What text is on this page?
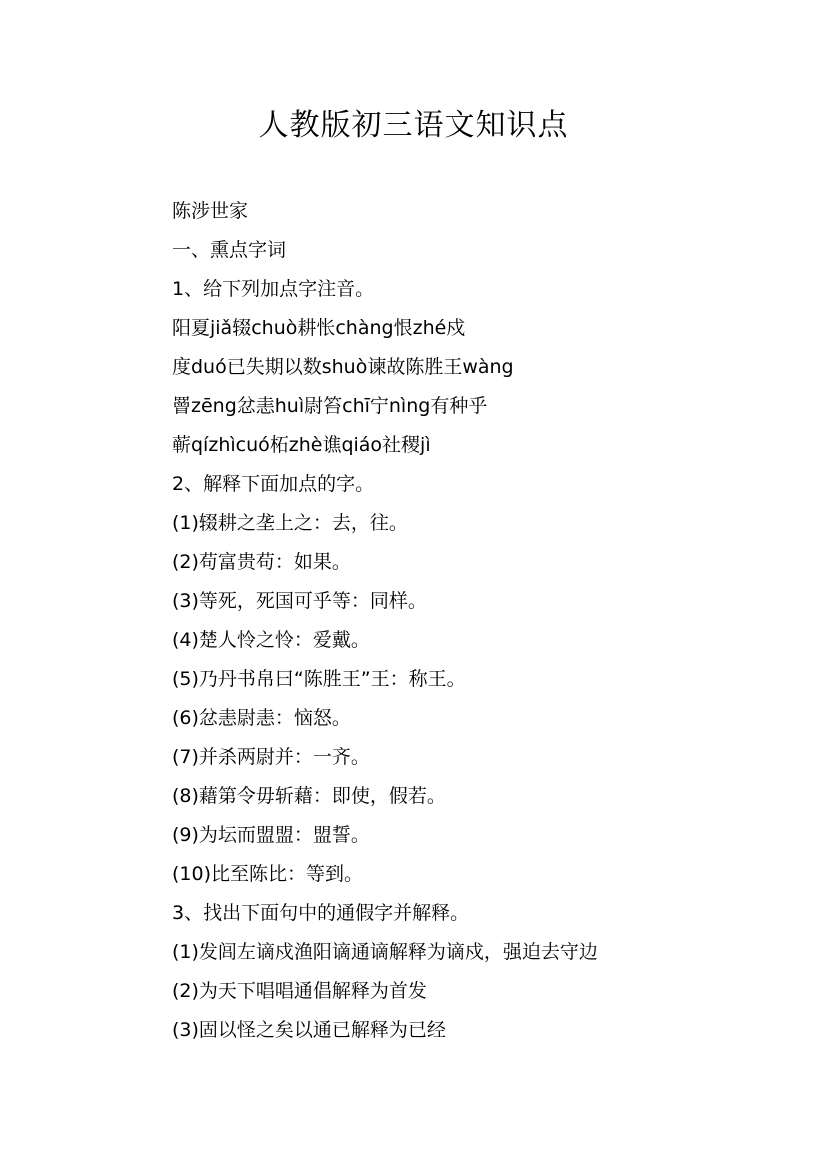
人教版初三语文知识点
陈涉世家
一、熏点字词
1、给下列加点字注音。
阳夏jiǎ辍chuò耕怅chàng恨zhé戍
度duó已失期以数shuò谏故陈胜王wàng
罾zēng忿恚huì尉笞chī宁nìng有种乎
蕲qízhìcuó柘zhè谯qiáo社稷jì
2、解释下面加点的字。
(1)辍耕之垄上之：去，往。
(2)苟富贵苟：如果。
(3)等死，死国可乎等：同样。
(4)楚人怜之怜：爱戴。
(5)乃丹书帛曰“陈胜王”王：称王。
(6)忿恚尉恚：恼怒。
(7)并杀两尉并：一齐。
(8)藉第令毋斩藉：即使，假若。
(9)为坛而盟盟：盟誓。
(10)比至陈比：等到。
3、找出下面句中的通假字并解释。
(1)发闾左谪戍渔阳谪通谪解释为谪戍，强迫去守边
(2)为天下唱唱通倡解释为首发
(3)固以怪之矣以通已解释为已经
